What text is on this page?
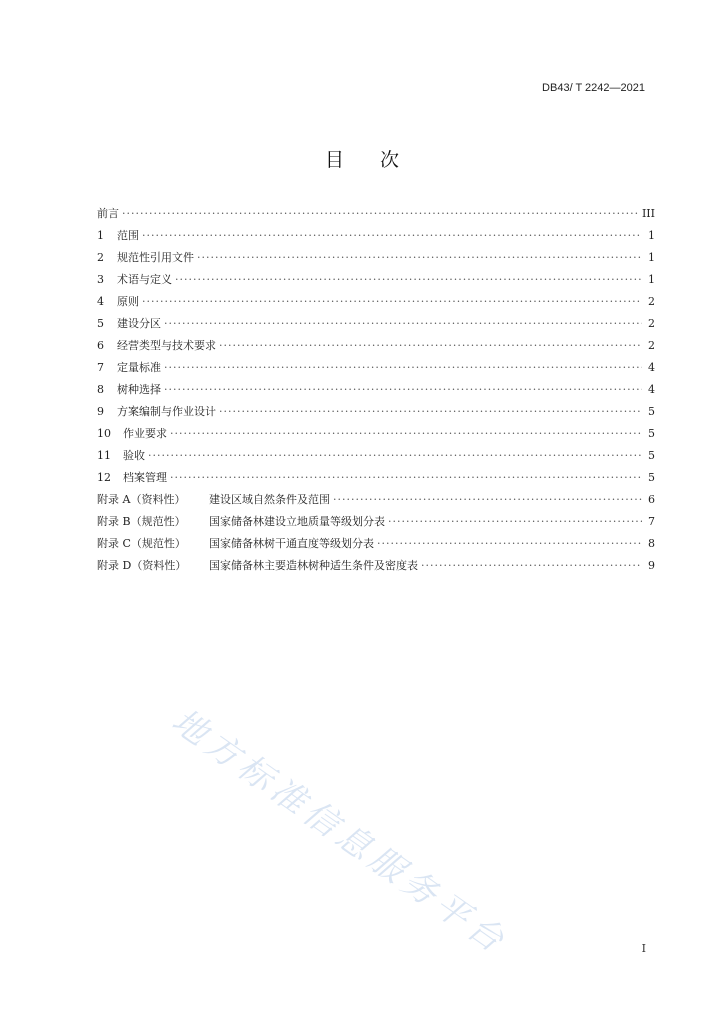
DB43/ T 2242—2021
目次
前言 ·····	III
1	范围 ·····	1
2	规范性引用文件 ·····	1
3	术语与定义 ·····	1
4	原则 ·····	2
5	建设分区 ·····	2
6	经营类型与技术要求 ·····	2
7	定量标准 ·····	4
8	树种选择 ·····	4
9	方案编制与作业设计 ·····	5
10	作业要求 ·····	5
11	验收 ·····	5
12	档案管理 ·····	5
附录 A（资料性）	建设区域自然条件及范围 ·····	6
附录 B（规范性）	国家储备林建设立地质量等级划分表 ·····	7
附录 C（规范性）	国家储备林树干通直度等级划分表 ·····	8
附录 D（资料性）	国家储备林主要造林树种适生条件及密度表 ·····	9
地方标准信息服务平台	I
